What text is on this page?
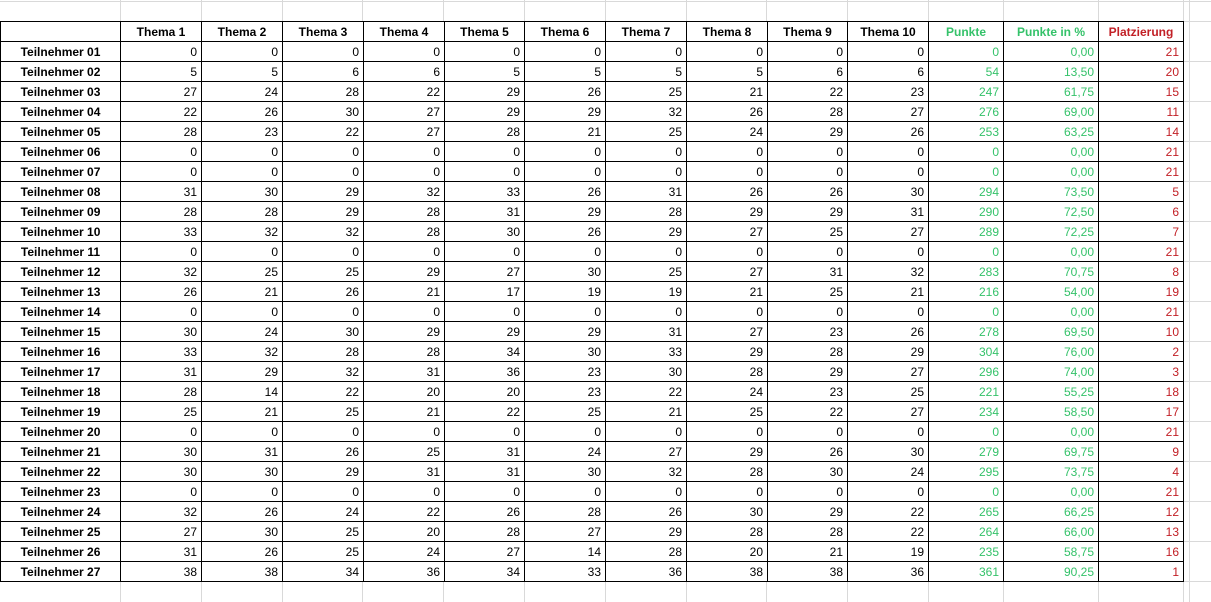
	Thema 1	Thema 2	Thema 3	Thema 4	Thema 5	Thema 6	Thema 7	Thema 8	Thema 9	Thema 10	Punkte	Punkte in %	Platzierung
Teilnehmer 01	0	0	0	0	0	0	0	0	0	0	0	0,00	21
Teilnehmer 02	5	5	6	6	5	5	5	5	6	6	54	13,50	20
Teilnehmer 03	27	24	28	22	29	26	25	21	22	23	247	61,75	15
Teilnehmer 04	22	26	30	27	29	29	32	26	28	27	276	69,00	11
Teilnehmer 05	28	23	22	27	28	21	25	24	29	26	253	63,25	14
Teilnehmer 06	0	0	0	0	0	0	0	0	0	0	0	0,00	21
Teilnehmer 07	0	0	0	0	0	0	0	0	0	0	0	0,00	21
Teilnehmer 08	31	30	29	32	33	26	31	26	26	30	294	73,50	5
Teilnehmer 09	28	28	29	28	31	29	28	29	29	31	290	72,50	6
Teilnehmer 10	33	32	32	28	30	26	29	27	25	27	289	72,25	7
Teilnehmer 11	0	0	0	0	0	0	0	0	0	0	0	0,00	21
Teilnehmer 12	32	25	25	29	27	30	25	27	31	32	283	70,75	8
Teilnehmer 13	26	21	26	21	17	19	19	21	25	21	216	54,00	19
Teilnehmer 14	0	0	0	0	0	0	0	0	0	0	0	0,00	21
Teilnehmer 15	30	24	30	29	29	29	31	27	23	26	278	69,50	10
Teilnehmer 16	33	32	28	28	34	30	33	29	28	29	304	76,00	2
Teilnehmer 17	31	29	32	31	36	23	30	28	29	27	296	74,00	3
Teilnehmer 18	28	14	22	20	20	23	22	24	23	25	221	55,25	18
Teilnehmer 19	25	21	25	21	22	25	21	25	22	27	234	58,50	17
Teilnehmer 20	0	0	0	0	0	0	0	0	0	0	0	0,00	21
Teilnehmer 21	30	31	26	25	31	24	27	29	26	30	279	69,75	9
Teilnehmer 22	30	30	29	31	31	30	32	28	30	24	295	73,75	4
Teilnehmer 23	0	0	0	0	0	0	0	0	0	0	0	0,00	21
Teilnehmer 24	32	26	24	22	26	28	26	30	29	22	265	66,25	12
Teilnehmer 25	27	30	25	20	28	27	29	28	28	22	264	66,00	13
Teilnehmer 26	31	26	25	24	27	14	28	20	21	19	235	58,75	16
Teilnehmer 27	38	38	34	36	34	33	36	38	38	36	361	90,25	1
